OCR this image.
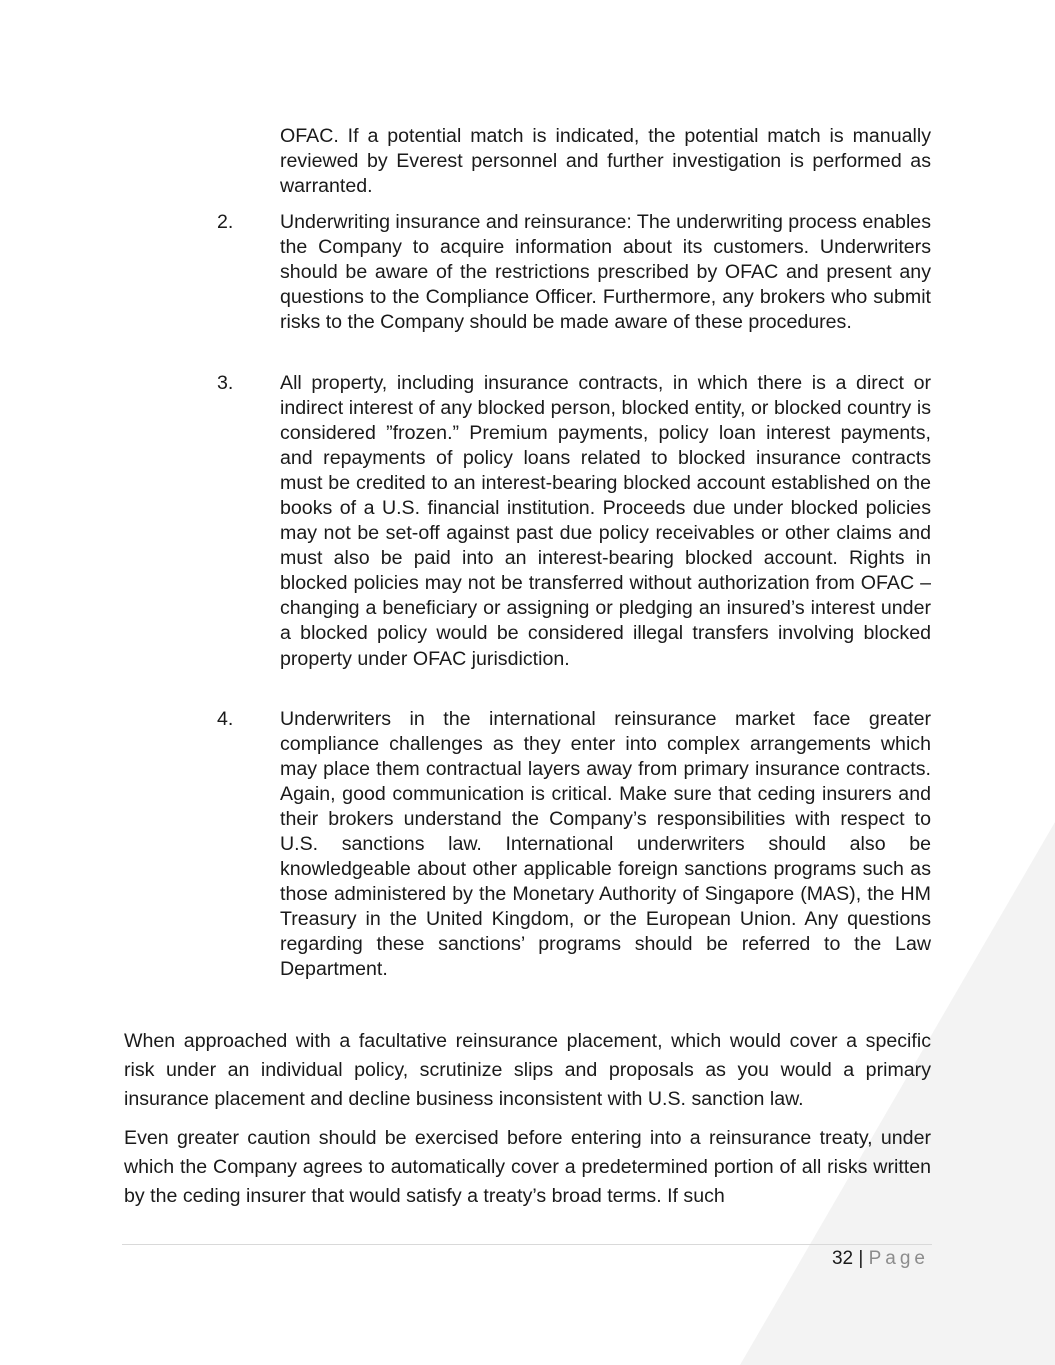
OFAC. If a potential match is indicated, the potential match is manually reviewed by Everest personnel and further investigation is performed as warranted.

2. Underwriting insurance and reinsurance: The underwriting process enables the Company to acquire information about its customers. Underwriters should be aware of the restrictions prescribed by OFAC and present any questions to the Compliance Officer. Furthermore, any brokers who submit risks to the Company should be made aware of these procedures.

3. All property, including insurance contracts, in which there is a direct or indirect interest of any blocked person, blocked entity, or blocked country is considered ”frozen.” Premium payments, policy loan interest payments, and repayments of policy loans related to blocked insurance contracts must be credited to an interest-bearing blocked account established on the books of a U.S. financial institution. Proceeds due under blocked policies may not be set-off against past due policy receivables or other claims and must also be paid into an interest-bearing blocked account. Rights in blocked policies may not be transferred without authorization from OFAC – changing a beneficiary or assigning or pledging an insured’s interest under a blocked policy would be considered illegal transfers involving blocked property under OFAC jurisdiction.

4. Underwriters in the international reinsurance market face greater compliance challenges as they enter into complex arrangements which may place them contractual layers away from primary insurance contracts. Again, good communication is critical. Make sure that ceding insurers and their brokers understand the Company’s responsibilities with respect to U.S. sanctions law. International underwriters should also be knowledgeable about other applicable foreign sanctions programs such as those administered by the Monetary Authority of Singapore (MAS), the HM Treasury in the United Kingdom, or the European Union. Any questions regarding these sanctions’ programs should be referred to the Law Department.

When approached with a facultative reinsurance placement, which would cover a specific risk under an individual policy, scrutinize slips and proposals as you would a primary insurance placement and decline business inconsistent with U.S. sanction law.

Even greater caution should be exercised before entering into a reinsurance treaty, under which the Company agrees to automatically cover a predetermined portion of all risks written by the ceding insurer that would satisfy a treaty’s broad terms. If such

32 | Page
